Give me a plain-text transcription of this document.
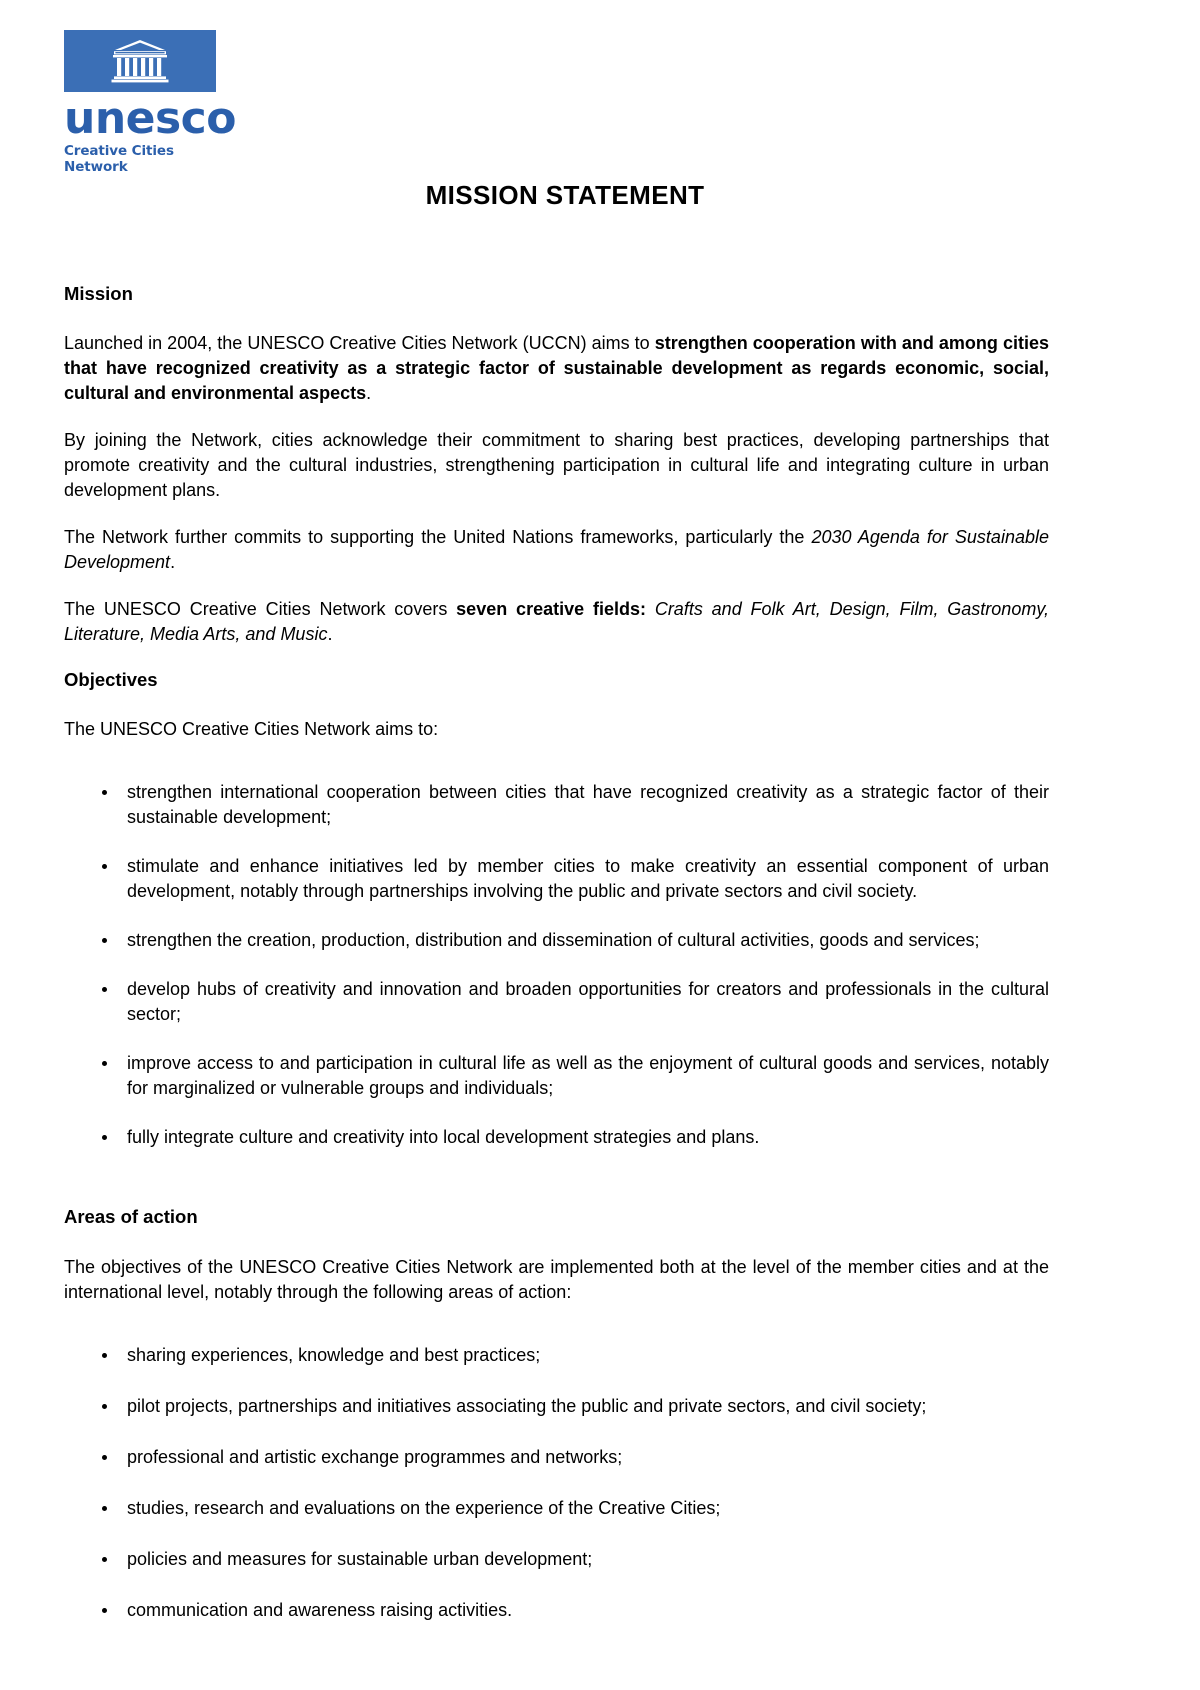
unesco
Creative Cities Network
MISSION STATEMENT
Mission

Launched in 2004, the UNESCO Creative Cities Network (UCCN) aims to strengthen cooperation with and among cities that have recognized creativity as a strategic factor of sustainable development as regards economic, social, cultural and environmental aspects.

By joining the Network, cities acknowledge their commitment to sharing best practices, developing partnerships that promote creativity and the cultural industries, strengthening participation in cultural life and integrating culture in urban development plans.

The Network further commits to supporting the United Nations frameworks, particularly the 2030 Agenda for Sustainable Development.

The UNESCO Creative Cities Network covers seven creative fields: Crafts and Folk Art, Design, Film, Gastronomy, Literature, Media Arts, and Music.

Objectives

The UNESCO Creative Cities Network aims to:

strengthen international cooperation between cities that have recognized creativity as a strategic factor of their sustainable development;
stimulate and enhance initiatives led by member cities to make creativity an essential component of urban development, notably through partnerships involving the public and private sectors and civil society.
strengthen the creation, production, distribution and dissemination of cultural activities, goods and services;
develop hubs of creativity and innovation and broaden opportunities for creators and professionals in the cultural sector;
improve access to and participation in cultural life as well as the enjoyment of cultural goods and services, notably for marginalized or vulnerable groups and individuals;
fully integrate culture and creativity into local development strategies and plans.
Areas of action

The objectives of the UNESCO Creative Cities Network are implemented both at the level of the member cities and at the international level, notably through the following areas of action:

sharing experiences, knowledge and best practices;
pilot projects, partnerships and initiatives associating the public and private sectors, and civil society;
professional and artistic exchange programmes and networks;
studies, research and evaluations on the experience of the Creative Cities;
policies and measures for sustainable urban development;
communication and awareness raising activities.
